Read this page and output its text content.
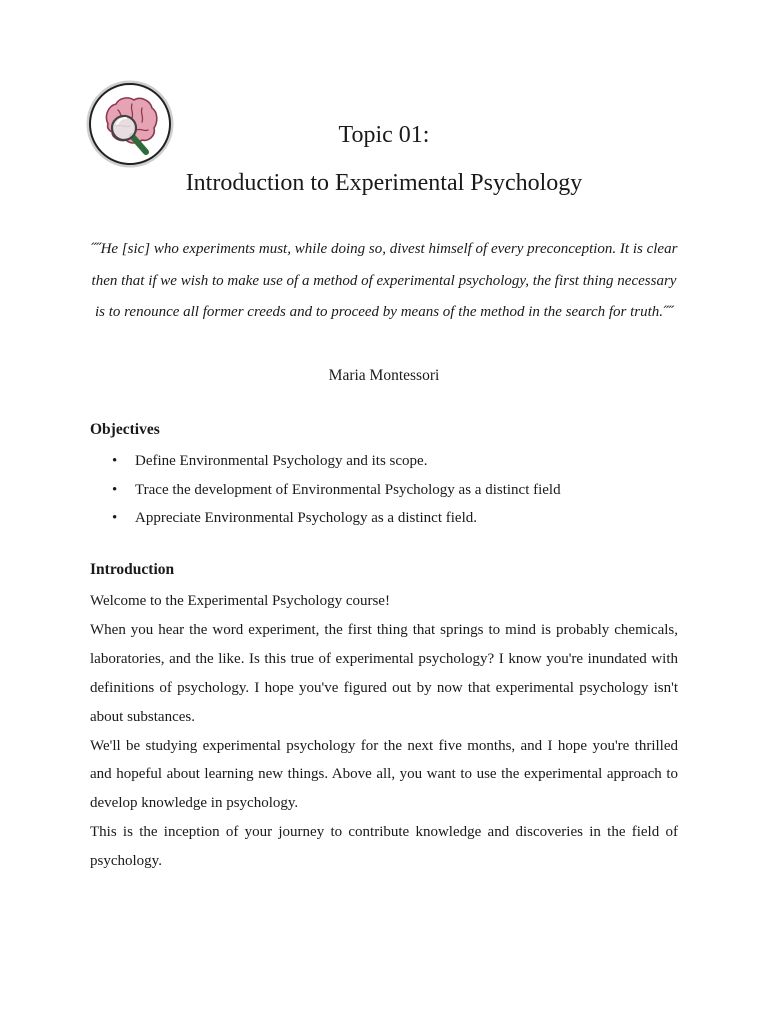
Topic 01:
Introduction to Experimental Psychology
˝˝He [sic] who experiments must, while doing so, divest himself of every preconception. It is clear then that if we wish to make use of a method of experimental psychology, the first thing necessary is to renounce all former creeds and to proceed by means of the method in the search for truth.˝˝
Maria Montessori
Objectives
• Define Environmental Psychology and its scope.
• Trace the development of Environmental Psychology as a distinct field
• Appreciate Environmental Psychology as a distinct field.
Introduction

Welcome to the Experimental Psychology course!

When you hear the word experiment, the first thing that springs to mind is probably chemicals, laboratories, and the like. Is this true of experimental psychology? I know you're inundated with definitions of psychology. I hope you've figured out by now that experimental psychology isn't about substances.

We'll be studying experimental psychology for the next five months, and I hope you're thrilled and hopeful about learning new things. Above all, you want to use the experimental approach to develop knowledge in psychology.

This is the inception of your journey to contribute knowledge and discoveries in the field of psychology.
